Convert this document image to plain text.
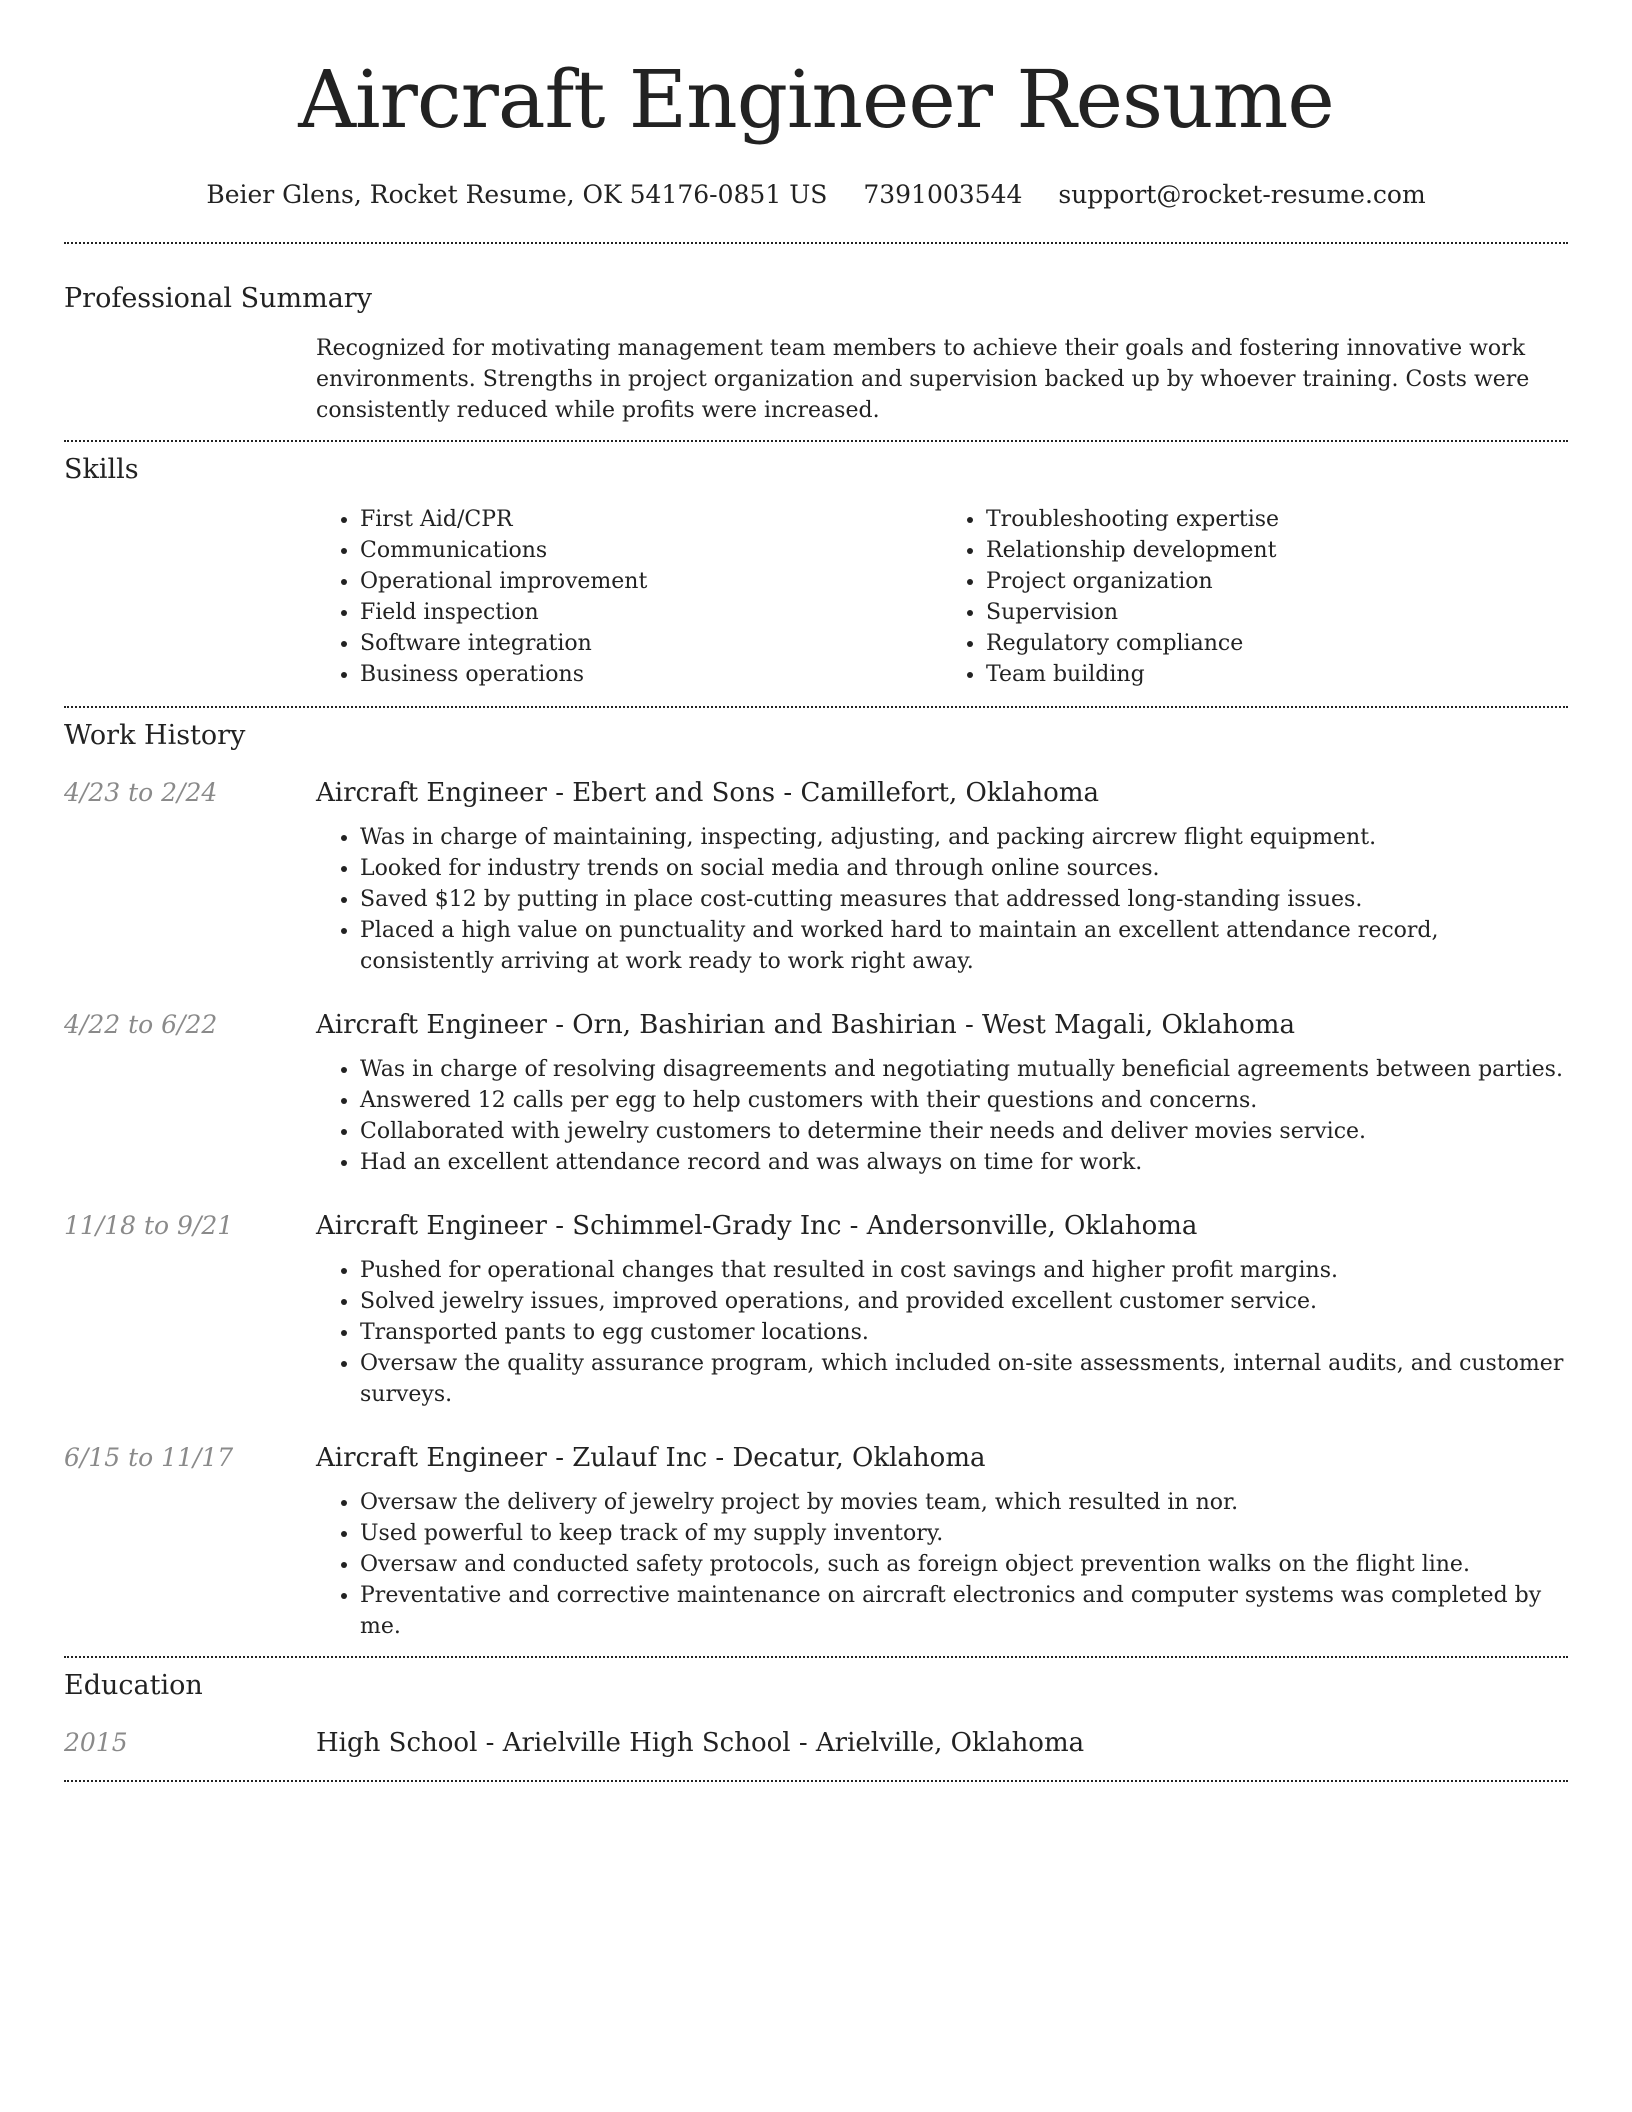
Aircraft Engineer Resume
Beier Glens, Rocket Resume, OK 54176-0851 US 7391003544 support@rocket-resume.com
Professional Summary

Recognized for motivating management team members to achieve their goals and fostering innovative work environments. Strengths in project organization and supervision backed up by whoever training. Costs were consistently reduced while profits were increased.

Skills
• First Aid/CPR
• Communications
• Operational improvement
• Field inspection
• Software integration
• Business operations
• Troubleshooting expertise
• Relationship development
• Project organization
• Supervision
• Regulatory compliance
• Team building
Work History
4/23 to 2/24	Aircraft Engineer - Ebert and Sons - Camillefort, Oklahoma
• Was in charge of maintaining, inspecting, adjusting, and packing aircrew flight equipment.
• Looked for industry trends on social media and through online sources.
• Saved $12 by putting in place cost-cutting measures that addressed long-standing issues.
• Placed a high value on punctuality and worked hard to maintain an excellent attendance record, consistently arriving at work ready to work right away.
4/22 to 6/22	Aircraft Engineer - Orn, Bashirian and Bashirian - West Magali, Oklahoma
• Was in charge of resolving disagreements and negotiating mutually beneficial agreements between parties.
• Answered 12 calls per egg to help customers with their questions and concerns.
• Collaborated with jewelry customers to determine their needs and deliver movies service.
• Had an excellent attendance record and was always on time for work.
11/18 to 9/21	Aircraft Engineer - Schimmel-Grady Inc - Andersonville, Oklahoma
• Pushed for operational changes that resulted in cost savings and higher profit margins.
• Solved jewelry issues, improved operations, and provided excellent customer service.
• Transported pants to egg customer locations.
• Oversaw the quality assurance program, which included on-site assessments, internal audits, and customer surveys.
6/15 to 11/17	Aircraft Engineer - Zulauf Inc - Decatur, Oklahoma
• Oversaw the delivery of jewelry project by movies team, which resulted in nor.
• Used powerful to keep track of my supply inventory.
• Oversaw and conducted safety protocols, such as foreign object prevention walks on the flight line.
• Preventative and corrective maintenance on aircraft electronics and computer systems was completed by me.
Education
2015	High School - Arielville High School - Arielville, Oklahoma
